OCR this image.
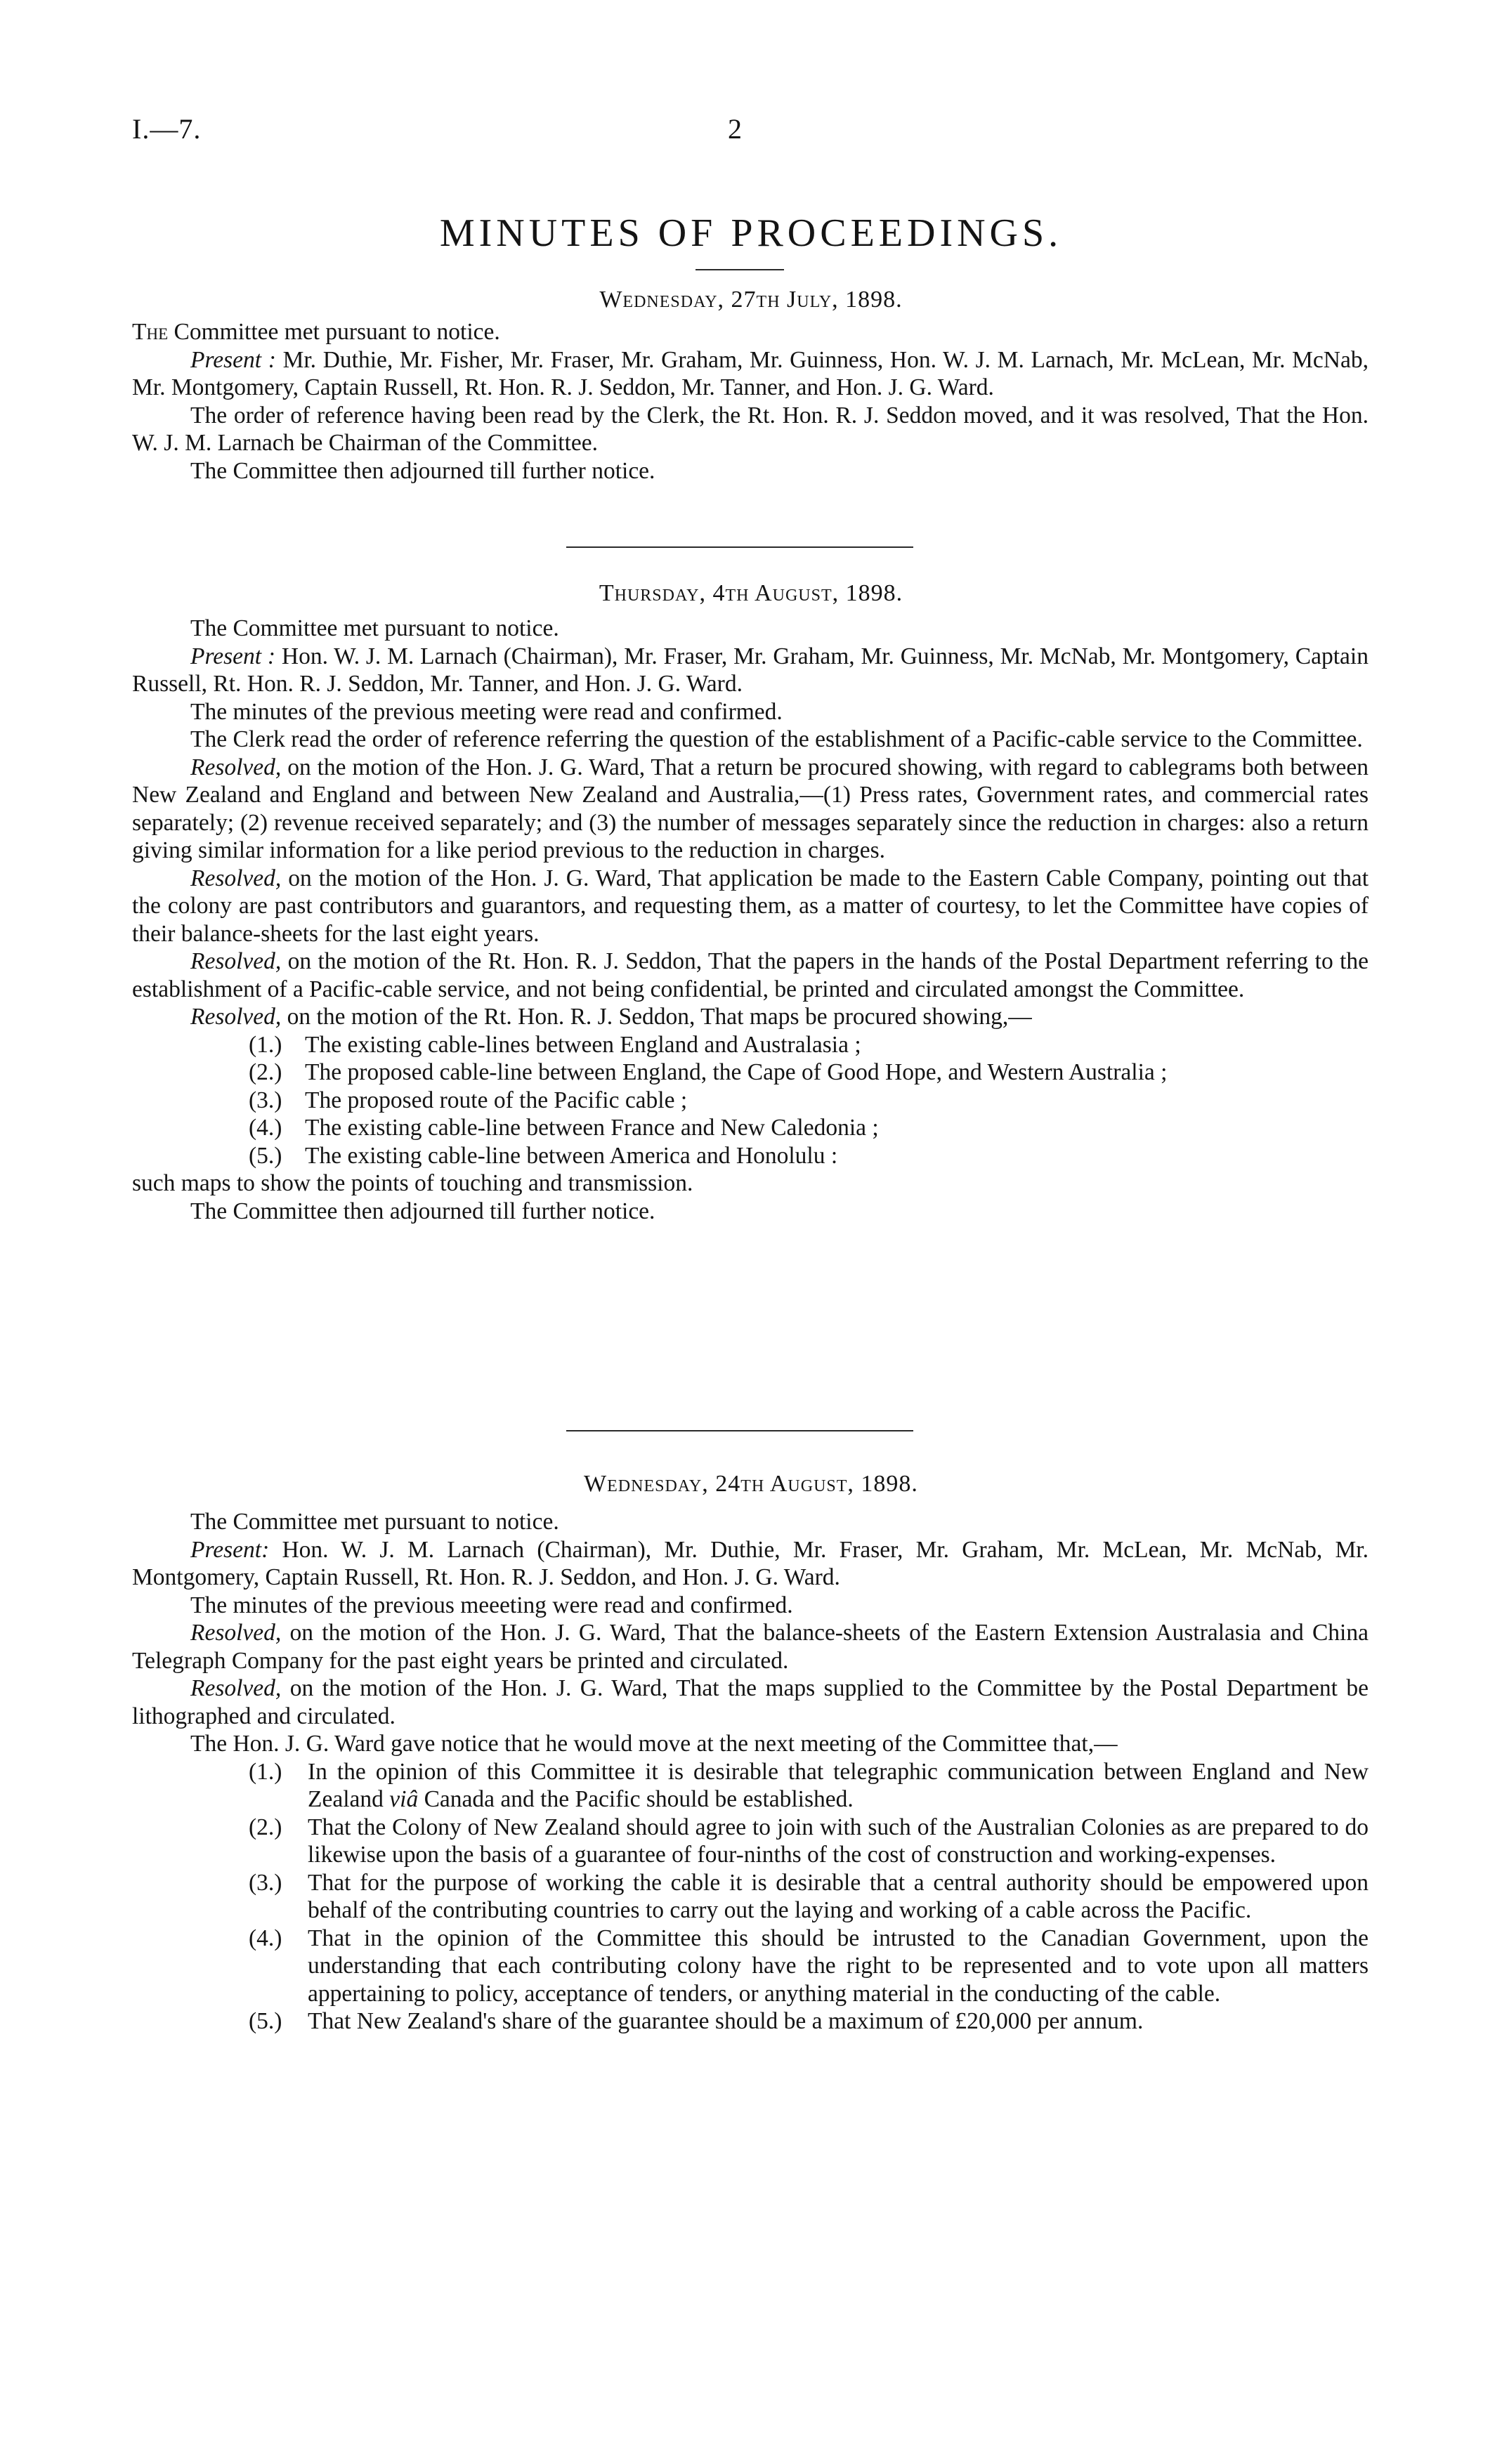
I.—7.	2
MINUTES OF PROCEEDINGS.
Wednesday, 27th July, 1898.

The Committee met pursuant to notice.

Present : Mr. Duthie, Mr. Fisher, Mr. Fraser, Mr. Graham, Mr. Guinness, Hon. W. J. M. Larnach, Mr. McLean, Mr. McNab, Mr. Montgomery, Captain Russell, Rt. Hon. R. J. Seddon, Mr. Tanner, and Hon. J. G. Ward.

The order of reference having been read by the Clerk, the Rt. Hon. R. J. Seddon moved, and it was resolved, That the Hon. W. J. M. Larnach be Chairman of the Committee.

The Committee then adjourned till further notice.

Thursday, 4th August, 1898.

The Committee met pursuant to notice.

Present : Hon. W. J. M. Larnach (Chairman), Mr. Fraser, Mr. Graham, Mr. Guinness, Mr. McNab, Mr. Montgomery, Captain Russell, Rt. Hon. R. J. Seddon, Mr. Tanner, and Hon. J. G. Ward.

The minutes of the previous meeting were read and confirmed.

The Clerk read the order of reference referring the question of the establishment of a Pacific-cable service to the Committee.

Resolved, on the motion of the Hon. J. G. Ward, That a return be procured showing, with regard to cablegrams both between New Zealand and England and between New Zealand and Australia,—(1) Press rates, Government rates, and commercial rates separately; (2) revenue received separately; and (3) the number of messages separately since the reduction in charges: also a return giving similar information for a like period previous to the reduction in charges.

Resolved, on the motion of the Hon. J. G. Ward, That application be made to the Eastern Cable Company, pointing out that the colony are past contributors and guarantors, and requesting them, as a matter of courtesy, to let the Committee have copies of their balance-sheets for the last eight years.

Resolved, on the motion of the Rt. Hon. R. J. Seddon, That the papers in the hands of the Postal Department referring to the establishment of a Pacific-cable service, and not being confidential, be printed and circulated amongst the Committee.

Resolved, on the motion of the Rt. Hon. R. J. Seddon, That maps be procured showing,—

(1.) The existing cable-lines between England and Australasia ;
(2.) The proposed cable-line between England, the Cape of Good Hope, and Western Australia ;
(3.) The proposed route of the Pacific cable ;
(4.) The existing cable-line between France and New Caledonia ;
(5.) The existing cable-line between America and Honolulu :

such maps to show the points of touching and transmission.

The Committee then adjourned till further notice.

Wednesday, 24th August, 1898.

The Committee met pursuant to notice.

Present: Hon. W. J. M. Larnach (Chairman), Mr. Duthie, Mr. Fraser, Mr. Graham, Mr. McLean, Mr. McNab, Mr. Montgomery, Captain Russell, Rt. Hon. R. J. Seddon, and Hon. J. G. Ward.

The minutes of the previous meeeting were read and confirmed.

Resolved, on the motion of the Hon. J. G. Ward, That the balance-sheets of the Eastern Extension Australasia and China Telegraph Company for the past eight years be printed and circulated.

Resolved, on the motion of the Hon. J. G. Ward, That the maps supplied to the Committee by the Postal Department be lithographed and circulated.

The Hon. J. G. Ward gave notice that he would move at the next meeting of the Committee that,—

(1.)	In the opinion of this Committee it is desirable that telegraphic communication between England and New Zealand viâ Canada and the Pacific should be established.
(2.)	That the Colony of New Zealand should agree to join with such of the Australian Colonies as are prepared to do likewise upon the basis of a guarantee of four-ninths of the cost of construction and working-expenses.
(3.)	That for the purpose of working the cable it is desirable that a central authority should be empowered upon behalf of the contributing countries to carry out the laying and working of a cable across the Pacific.
(4.)	That in the opinion of the Committee this should be intrusted to the Canadian Government, upon the understanding that each contributing colony have the right to be represented and to vote upon all matters appertaining to policy, acceptance of tenders, or anything material in the conducting of the cable.
(5.)	That New Zealand's share of the guarantee should be a maximum of £20,000 per annum.
